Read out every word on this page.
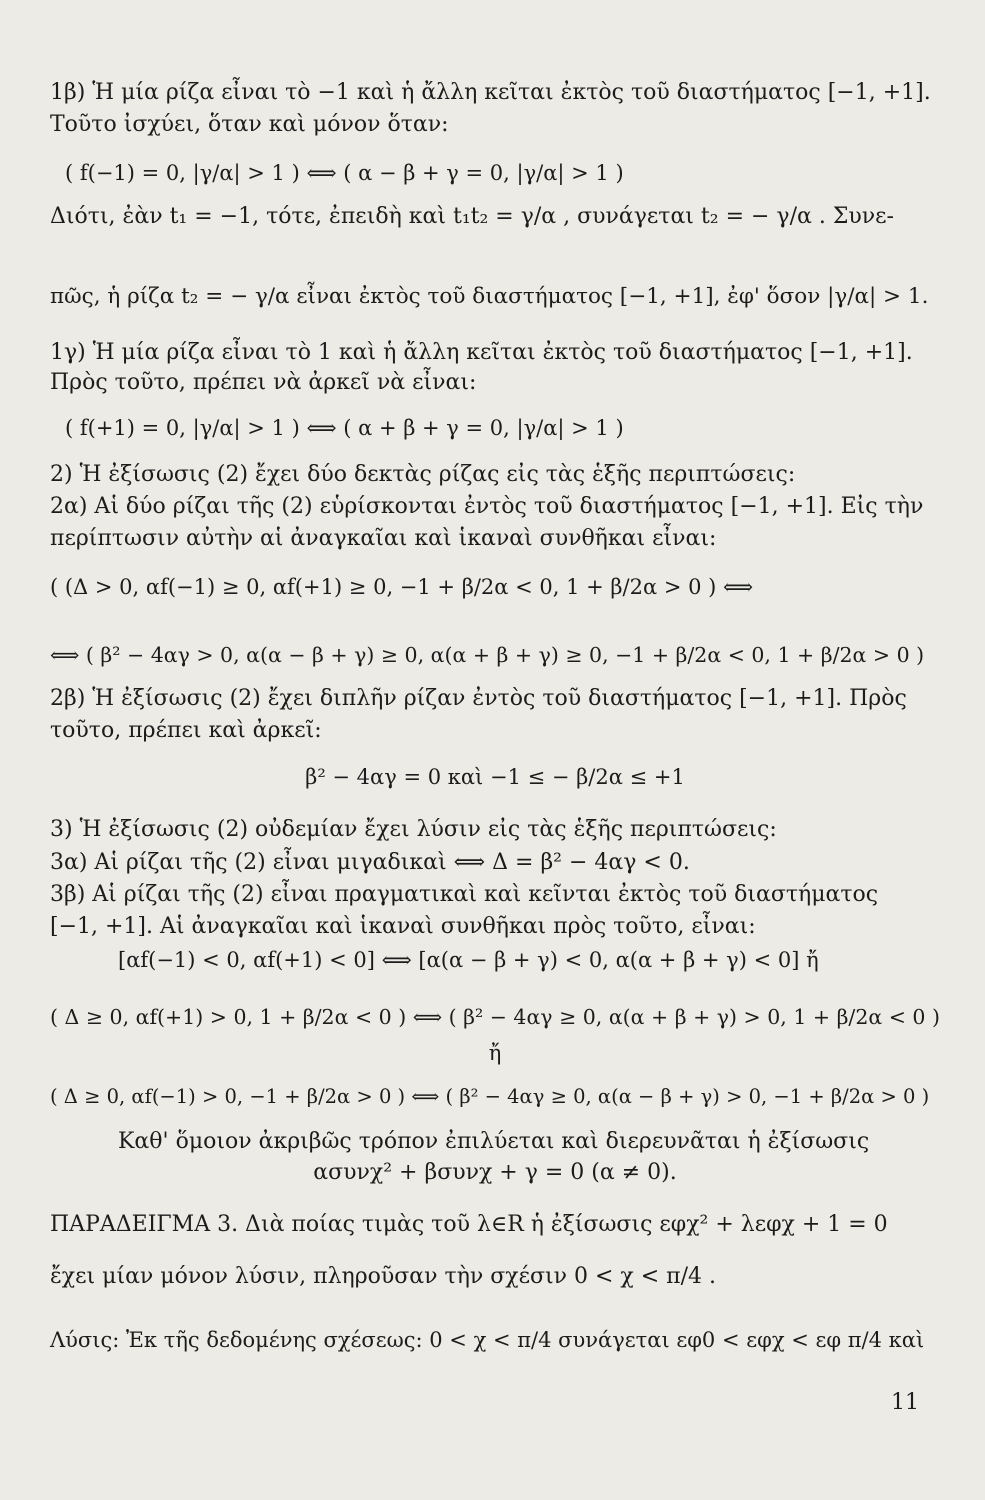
1β) Ἡ μία ρίζα εἶναι τὸ −1 καὶ ἡ ἄλλη κεῖται ἐκτὸς τοῦ διαστήματος [−1, +1].
Τοῦτο ἰσχύει, ὅταν καὶ μόνον ὅταν:
( f(−1) = 0, |γ/α| > 1 ) ⟺ ( α − β + γ = 0, |γ/α| > 1 )
Διότι, ἐὰν t₁ = −1, τότε, ἐπειδὴ καὶ t₁t₂ = γ/α , συνάγεται t₂ = − γ/α . Συνε-
πῶς, ἡ ρίζα t₂ = − γ/α εἶναι ἐκτὸς τοῦ διαστήματος [−1, +1], ἐφ' ὅσον |γ/α| > 1.
1γ) Ἡ μία ρίζα εἶναι τὸ 1 καὶ ἡ ἄλλη κεῖται ἐκτὸς τοῦ διαστήματος [−1, +1].
Πρὸς τοῦτο, πρέπει νὰ ἀρκεῖ νὰ εἶναι:
( f(+1) = 0, |γ/α| > 1 ) ⟺ ( α + β + γ = 0, |γ/α| > 1 )
2) Ἡ ἐξίσωσις (2) ἔχει δύο δεκτὰς ρίζας εἰς τὰς ἑξῆς περιπτώσεις:
2α) Αἱ δύο ρίζαι τῆς (2) εὑρίσκονται ἐντὸς τοῦ διαστήματος [−1, +1]. Εἰς τὴν
περίπτωσιν αὐτὴν αἱ ἀναγκαῖαι καὶ ἱκαναὶ συνθῆκαι εἶναι:
( (Δ > 0, αf(−1) ≥ 0, αf(+1) ≥ 0, −1 + β/2α < 0, 1 + β/2α > 0 ) ⟺
⟺ ( β² − 4αγ > 0, α(α − β + γ) ≥ 0, α(α + β + γ) ≥ 0, −1 + β/2α < 0, 1 + β/2α > 0 )
2β) Ἡ ἐξίσωσις (2) ἔχει διπλῆν ρίζαν ἐντὸς τοῦ διαστήματος [−1, +1]. Πρὸς
τοῦτο, πρέπει καὶ ἀρκεῖ:
β² − 4αγ = 0 καὶ −1 ≤ − β/2α ≤ +1
3) Ἡ ἐξίσωσις (2) οὐδεμίαν ἔχει λύσιν εἰς τὰς ἑξῆς περιπτώσεις:
3α) Αἱ ρίζαι τῆς (2) εἶναι μιγαδικαὶ ⟺ Δ = β² − 4αγ < 0.
3β) Αἱ ρίζαι τῆς (2) εἶναι πραγματικαὶ καὶ κεῖνται ἐκτὸς τοῦ διαστήματος
[−1, +1]. Αἱ ἀναγκαῖαι καὶ ἱκαναὶ συνθῆκαι πρὸς τοῦτο, εἶναι:
[αf(−1) < 0, αf(+1) < 0] ⟺ [α(α − β + γ) < 0, α(α + β + γ) < 0] ἤ
( Δ ≥ 0, αf(+1) > 0, 1 + β/2α < 0 ) ⟺ ( β² − 4αγ ≥ 0, α(α + β + γ) > 0, 1 + β/2α < 0 )
ἤ
( Δ ≥ 0, αf(−1) > 0, −1 + β/2α > 0 ) ⟺ ( β² − 4αγ ≥ 0, α(α − β + γ) > 0, −1 + β/2α > 0 )
Καθ' ὅμοιον ἀκριβῶς τρόπον ἐπιλύεται καὶ διερευνᾶται ἡ ἐξίσωσις
ασυνχ² + βσυνχ + γ = 0 (α ≠ 0).
ΠΑΡΑΔΕΙΓΜΑ 3. Διὰ ποίας τιμὰς τοῦ λ∈R ἡ ἐξίσωσις εφχ² + λεφχ + 1 = 0
ἔχει μίαν μόνον λύσιν, πληροῦσαν τὴν σχέσιν 0 < χ < π/4 .
Λύσις: Ἐκ τῆς δεδομένης σχέσεως: 0 < χ < π/4 συνάγεται εφ0 < εφχ < εφ π/4 καὶ
11
